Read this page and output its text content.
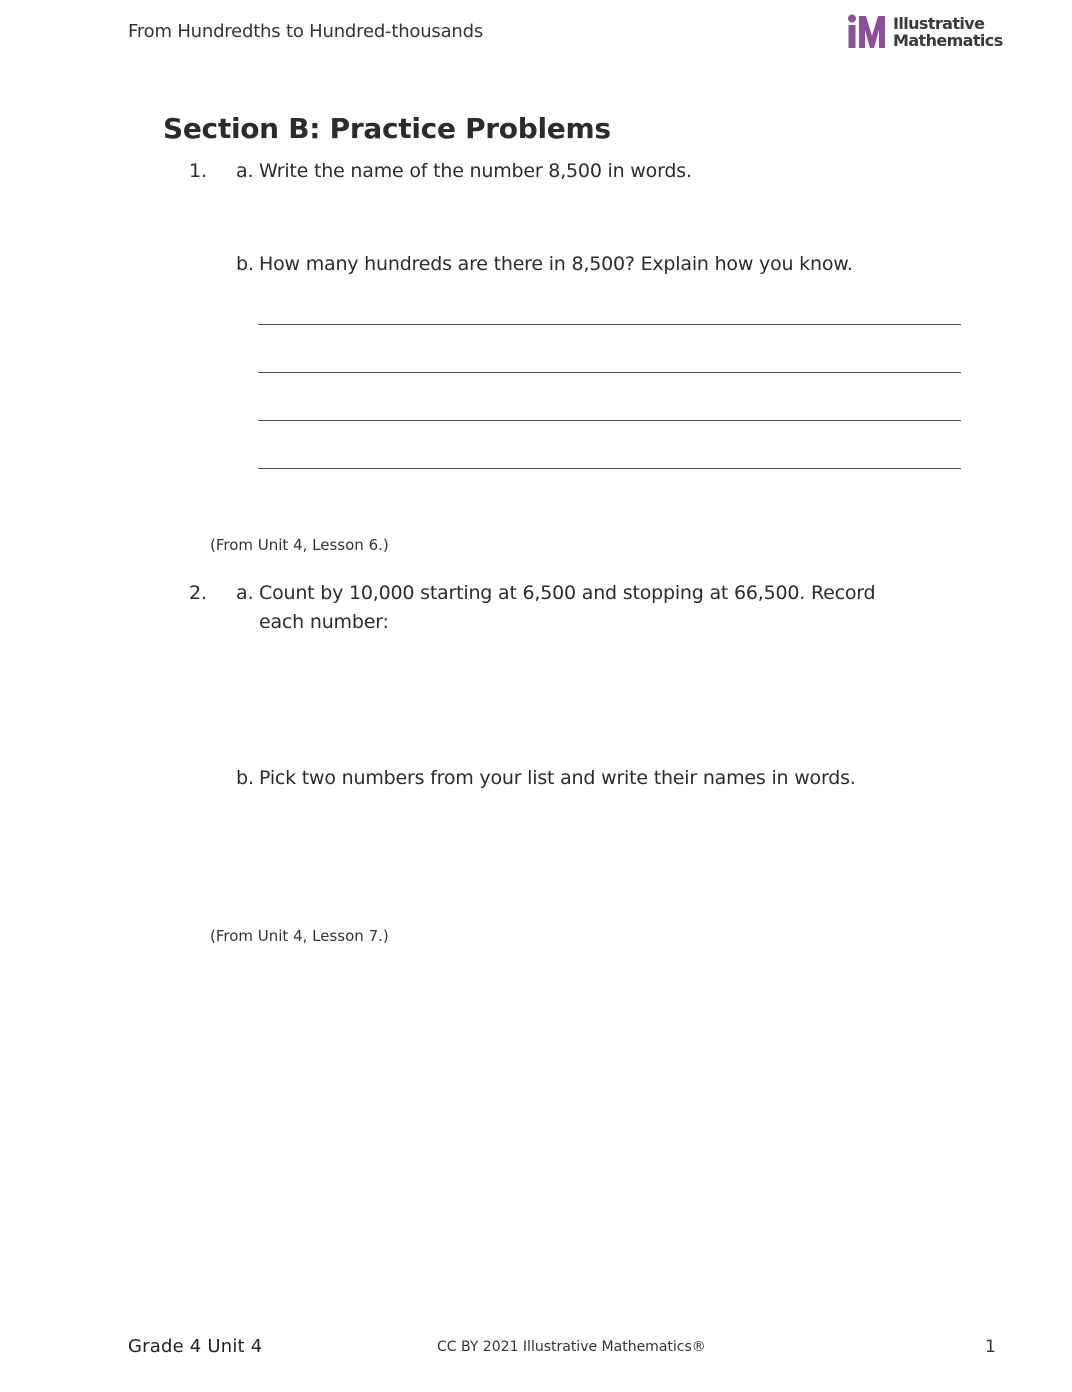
From Hundredths to Hundred-thousands	Illustrative
Mathematics
Section B: Practice Problems
1. a. Write the name of the number 8,500 in words.
b. How many hundreds are there in 8,500? Explain how you know.
(From Unit 4, Lesson 6.)
2. a. Count by 10,000 starting at 6,500 and stopping at 66,500. Record each number:
b. Pick two numbers from your list and write their names in words.
(From Unit 4, Lesson 7.)
Grade 4 Unit 4	CC BY 2021 Illustrative Mathematics®	1
